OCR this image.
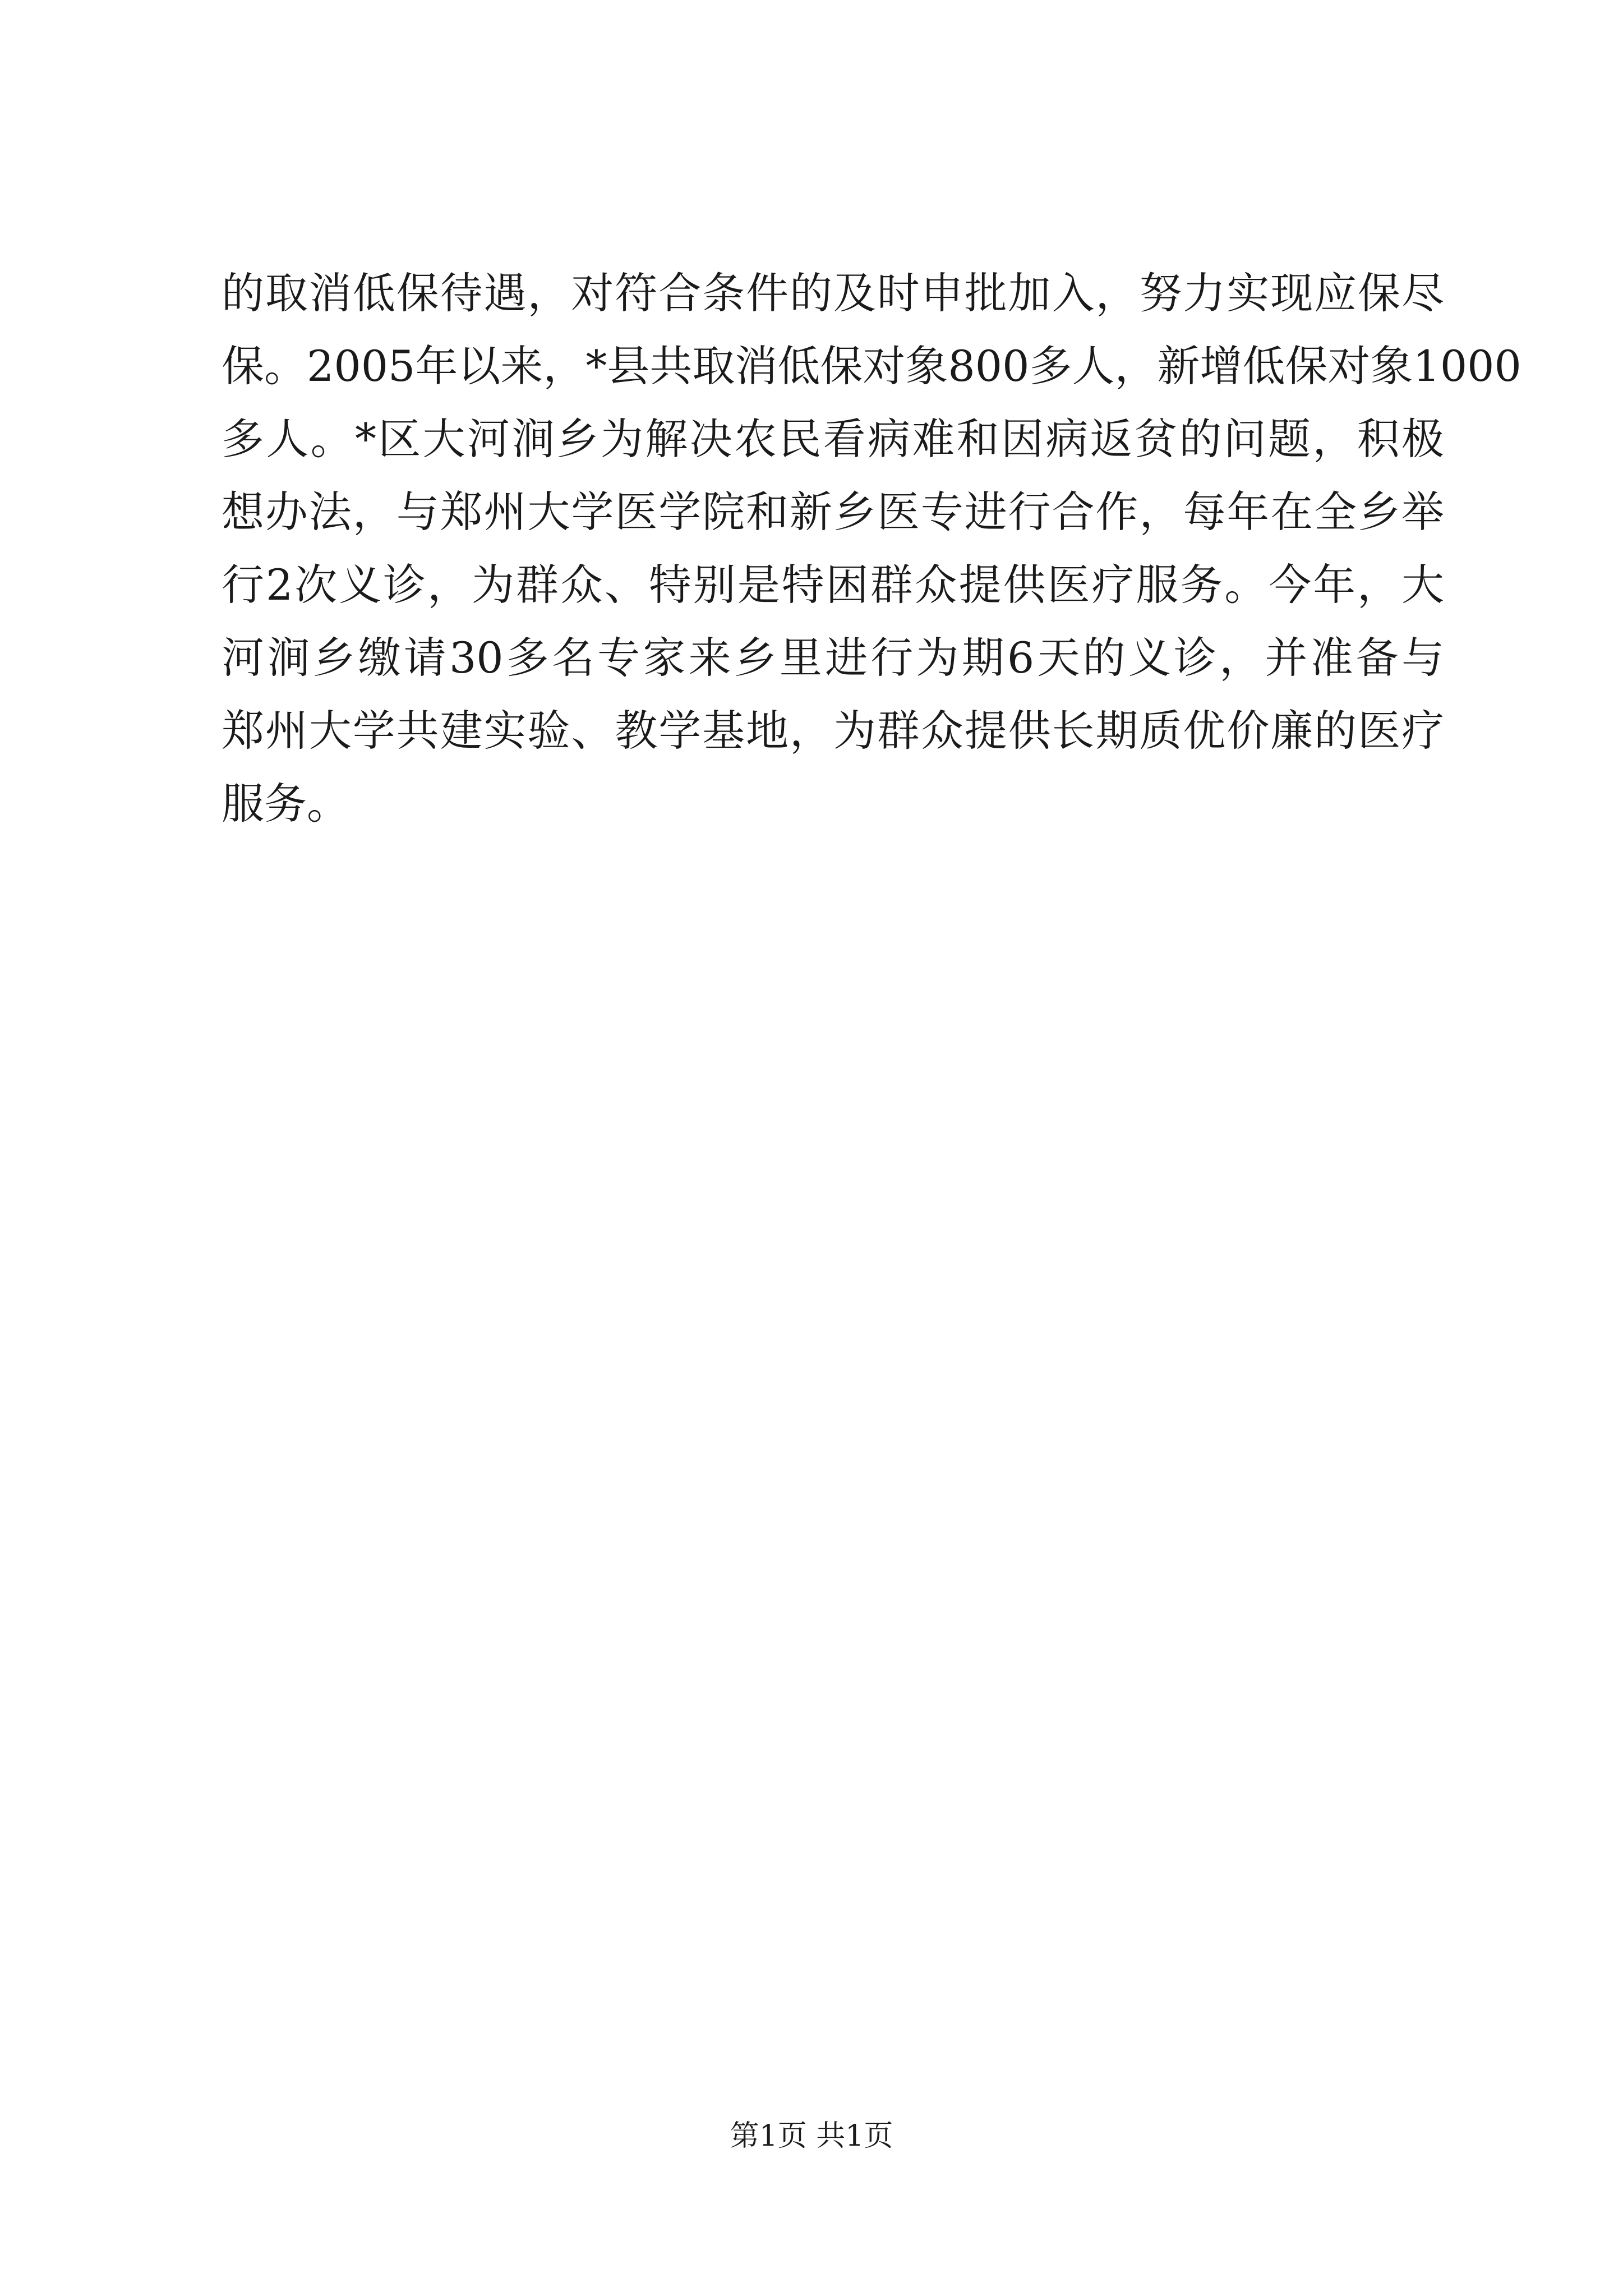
的取消低保待遇，对符合条件的及时申批加入，努力实现应保尽
保。2005年以来，*县共取消低保对象800多人，新增低保对象1000
多人。*区大河涧乡为解决农民看病难和因病返贫的问题，积极
想办法，与郑州大学医学院和新乡医专进行合作，每年在全乡举
行2次义诊，为群众、特别是特困群众提供医疗服务。今年，大
河涧乡缴请30多名专家来乡里进行为期6天的义诊，并准备与
郑州大学共建实验、教学基地，为群众提供长期质优价廉的医疗
服务。
第1页 共1页
